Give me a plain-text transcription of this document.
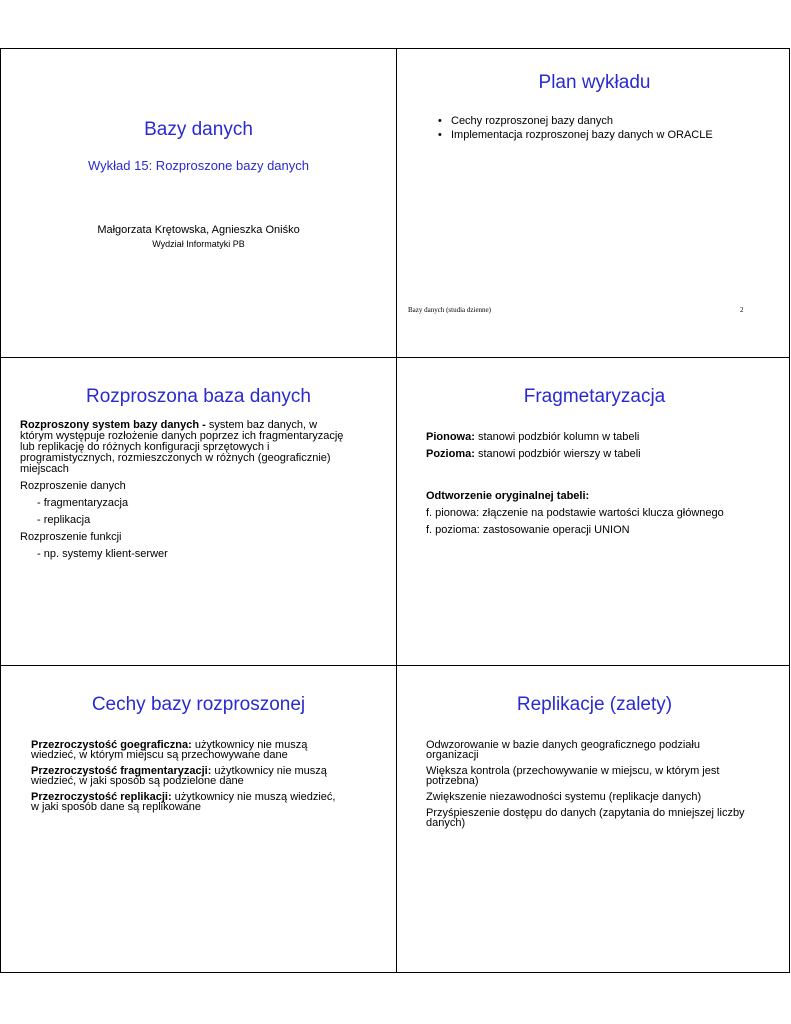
Bazy danych
Wykład 15: Rozproszone bazy danych
Małgorzata Krętowska, Agnieszka Oniśko
Wydział Informatyki PB
Plan wykładu
• Cechy rozproszonej bazy danych
• Implementacja rozproszonej bazy danych w ORACLE
Bazy danych (studia dzienne)	2
Rozproszona baza danych

Rozproszony system bazy danych - system baz danych, w którym występuje rozłożenie danych poprzez ich fragmentaryzację lub replikację do różnych konfiguracji sprzętowych i programistycznych, rozmieszczonych w różnych (geograficznie) miejscach

Rozproszenie danych

- fragmentaryzacja

- replikacja

Rozproszenie funkcji

- np. systemy klient-serwer

Fragmetaryzacja

Pionowa: stanowi podzbiór kolumn w tabeli

Pozioma: stanowi podzbiór wierszy w tabeli

Odtworzenie oryginalnej tabeli:

f. pionowa: złączenie na podstawie wartości klucza głównego

f. pozioma: zastosowanie operacji UNION

Cechy bazy rozproszonej

Przezroczystość goegraficzna: użytkownicy nie muszą wiedzieć, w którym miejscu są przechowywane dane

Przezroczystość fragmentaryzacji: użytkownicy nie muszą wiedzieć, w jaki sposób są podzielone dane

Przezroczystość replikacji: użytkownicy nie muszą wiedzieć, w jaki sposób dane są replikowane

Replikacje (zalety)

Odwzorowanie w bazie danych geograficznego podziału organizacji

Większa kontrola (przechowywanie w miejscu, w którym jest potrzebna)

Zwiększenie niezawodności systemu (replikacje danych)

Przyśpieszenie dostępu do danych (zapytania do mniejszej liczby danych)
